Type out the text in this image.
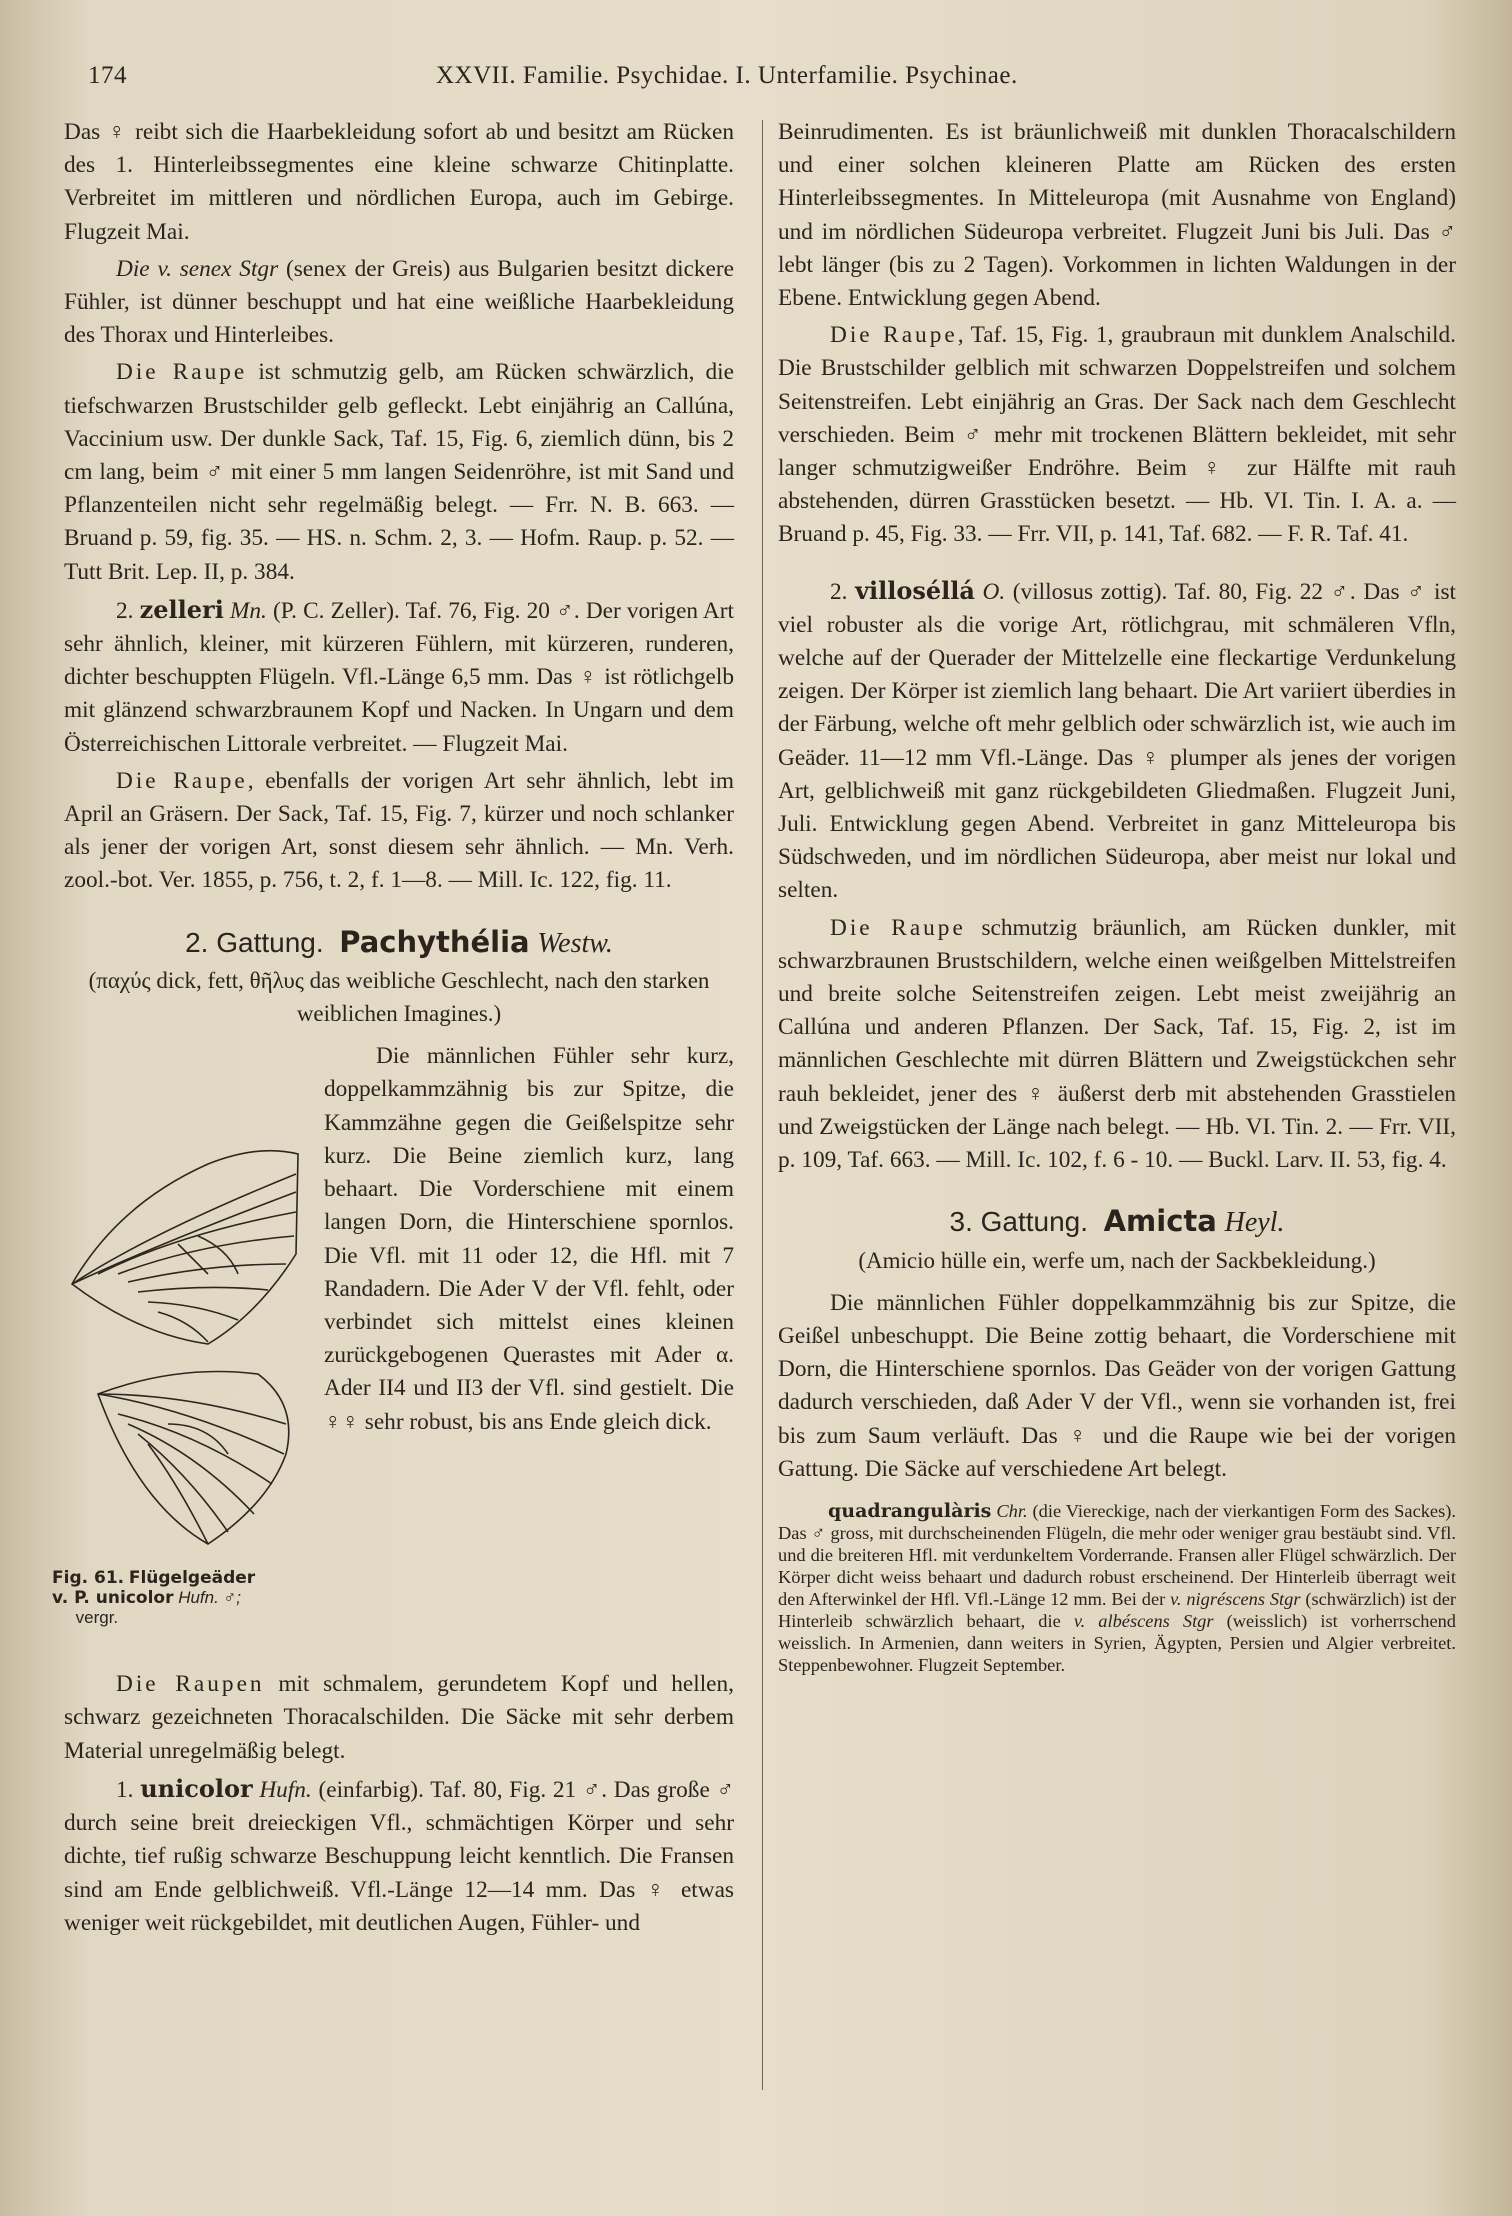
174	XXVII. Familie. Psychidae. I. Unterfamilie. Psychinae.

Das ♀ reibt sich die Haarbekleidung sofort ab und besitzt am Rücken des 1. Hinterleibssegmentes eine kleine schwarze Chitinplatte. Verbreitet im mittleren und nördlichen Europa, auch im Gebirge. Flugzeit Mai.

Die v. senex Stgr (senex der Greis) aus Bulgarien besitzt dickere Fühler, ist dünner beschuppt und hat eine weißliche Haarbekleidung des Thorax und Hinterleibes.

Die Raupe ist schmutzig gelb, am Rücken schwärzlich, die tiefschwarzen Brustschilder gelb gefleckt. Lebt einjährig an Callúna, Vaccinium usw. Der dunkle Sack, Taf. 15, Fig. 6, ziemlich dünn, bis 2 cm lang, beim ♂ mit einer 5 mm langen Seidenröhre, ist mit Sand und Pflanzenteilen nicht sehr regelmäßig belegt. — Frr. N. B. 663. — Bruand p. 59, fig. 35. — HS. n. Schm. 2, 3. — Hofm. Raup. p. 52. — Tutt Brit. Lep. II, p. 384.

2. zelleri Mn. (P. C. Zeller). Taf. 76, Fig. 20 ♂. Der vorigen Art sehr ähnlich, kleiner, mit kürzeren Fühlern, mit kürzeren, runderen, dichter beschuppten Flügeln. Vfl.-Länge 6,5 mm. Das ♀ ist rötlichgelb mit glänzend schwarzbraunem Kopf und Nacken. In Ungarn und dem Österreichischen Littorale verbreitet. — Flugzeit Mai.

Die Raupe, ebenfalls der vorigen Art sehr ähnlich, lebt im April an Gräsern. Der Sack, Taf. 15, Fig. 7, kürzer und noch schlanker als jener der vorigen Art, sonst diesem sehr ähnlich. — Mn. Verh. zool.-bot. Ver. 1855, p. 756, t. 2, f. 1—8. — Mill. Ic. 122, fig. 11.

2. Gattung. Pachythélia Westw.

(παχύς dick, fett, θῆλυς das weibliche Geschlecht, nach den starken weiblichen Imagines.)

Fig. 61. Flügelgeäder
v. P. unicolor Hufn. ♂;
vergr.

Die männlichen Fühler sehr kurz, doppelkammzähnig bis zur Spitze, die Kammzähne gegen die Geißelspitze sehr kurz. Die Beine ziemlich kurz, lang behaart. Die Vorderschiene mit einem langen Dorn, die Hinterschiene spornlos. Die Vfl. mit 11 oder 12, die Hfl. mit 7 Randadern. Die Ader V der Vfl. fehlt, oder verbindet sich mittelst eines kleinen zurückgebogenen Querastes mit Ader α. Ader II4 und II3 der Vfl. sind gestielt. Die ♀♀ sehr robust, bis ans Ende gleich dick.

Die Raupen mit schmalem, gerundetem Kopf und hellen, schwarz gezeichneten Thoracalschilden. Die Säcke mit sehr derbem Material unregelmäßig belegt.

1. unicolor Hufn. (einfarbig). Taf. 80, Fig. 21 ♂. Das große ♂ durch seine breit dreieckigen Vfl., schmächtigen Körper und sehr dichte, tief rußig schwarze Beschuppung leicht kenntlich. Die Fransen sind am Ende gelblichweiß. Vfl.-Länge 12—14 mm. Das ♀ etwas weniger weit rückgebildet, mit deutlichen Augen, Fühler- und

Beinrudimenten. Es ist bräunlichweiß mit dunklen Thoracalschildern und einer solchen kleineren Platte am Rücken des ersten Hinterleibssegmentes. In Mitteleuropa (mit Ausnahme von England) und im nördlichen Südeuropa verbreitet. Flugzeit Juni bis Juli. Das ♂ lebt länger (bis zu 2 Tagen). Vorkommen in lichten Waldungen in der Ebene. Entwicklung gegen Abend.

Die Raupe, Taf. 15, Fig. 1, graubraun mit dunklem Analschild. Die Brustschilder gelblich mit schwarzen Doppelstreifen und solchem Seitenstreifen. Lebt einjährig an Gras. Der Sack nach dem Geschlecht verschieden. Beim ♂ mehr mit trockenen Blättern bekleidet, mit sehr langer schmutzigweißer Endröhre. Beim ♀ zur Hälfte mit rauh abstehenden, dürren Grasstücken besetzt. — Hb. VI. Tin. I. A. a. — Bruand p. 45, Fig. 33. — Frr. VII, p. 141, Taf. 682. — F. R. Taf. 41.

2. villoséllá O. (villosus zottig). Taf. 80, Fig. 22 ♂. Das ♂ ist viel robuster als die vorige Art, rötlichgrau, mit schmäleren Vfln, welche auf der Querader der Mittelzelle eine fleckartige Verdunkelung zeigen. Der Körper ist ziemlich lang behaart. Die Art variiert überdies in der Färbung, welche oft mehr gelblich oder schwärzlich ist, wie auch im Geäder. 11—12 mm Vfl.-Länge. Das ♀ plumper als jenes der vorigen Art, gelblichweiß mit ganz rückgebildeten Gliedmaßen. Flugzeit Juni, Juli. Entwicklung gegen Abend. Verbreitet in ganz Mitteleuropa bis Südschweden, und im nördlichen Südeuropa, aber meist nur lokal und selten.

Die Raupe schmutzig bräunlich, am Rücken dunkler, mit schwarzbraunen Brustschildern, welche einen weißgelben Mittelstreifen und breite solche Seitenstreifen zeigen. Lebt meist zweijährig an Callúna und anderen Pflanzen. Der Sack, Taf. 15, Fig. 2, ist im männlichen Geschlechte mit dürren Blättern und Zweigstückchen sehr rauh bekleidet, jener des ♀ äußerst derb mit abstehenden Grasstielen und Zweigstücken der Länge nach belegt. — Hb. VI. Tin. 2. — Frr. VII, p. 109, Taf. 663. — Mill. Ic. 102, f. 6 - 10. — Buckl. Larv. II. 53, fig. 4.

3. Gattung. Amicta Heyl.

(Amicio hülle ein, werfe um, nach der Sackbekleidung.)

Die männlichen Fühler doppelkammzähnig bis zur Spitze, die Geißel unbeschuppt. Die Beine zottig behaart, die Vorderschiene mit Dorn, die Hinterschiene spornlos. Das Geäder von der vorigen Gattung dadurch verschieden, daß Ader V der Vfl., wenn sie vorhanden ist, frei bis zum Saum verläuft. Das ♀ und die Raupe wie bei der vorigen Gattung. Die Säcke auf verschiedene Art belegt.

quadrangulàris Chr. (die Viereckige, nach der vierkantigen Form des Sackes). Das ♂ gross, mit durchscheinenden Flügeln, die mehr oder weniger grau bestäubt sind. Vfl. und die breiteren Hfl. mit verdunkeltem Vorderrande. Fransen aller Flügel schwärzlich. Der Körper dicht weiss behaart und dadurch robust erscheinend. Der Hinterleib überragt weit den Afterwinkel der Hfl. Vfl.-Länge 12 mm. Bei der v. nigréscens Stgr (schwärzlich) ist der Hinterleib schwärzlich behaart, die v. albéscens Stgr (weisslich) ist vorherrschend weisslich. In Armenien, dann weiters in Syrien, Ägypten, Persien und Algier verbreitet. Steppenbewohner. Flugzeit September.
